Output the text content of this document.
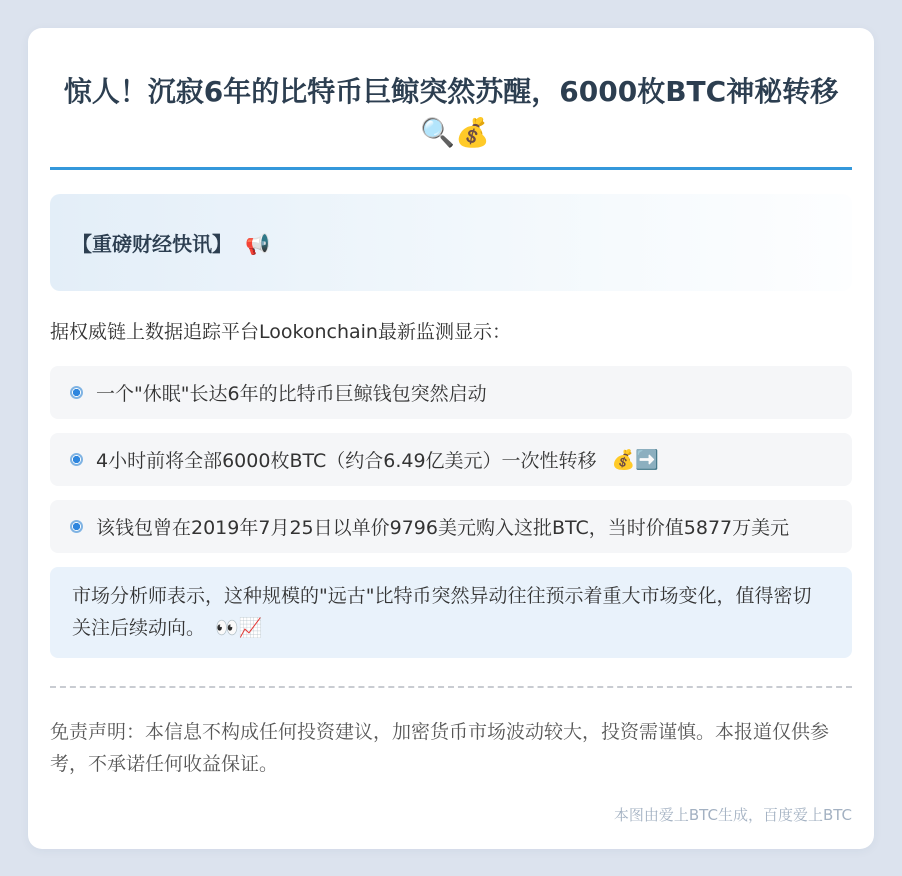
惊人！沉寂6年的比特币巨鲸突然苏醒，6000枚BTC神秘转移 🔍💰
【重磅财经快讯】 📢

据权威链上数据追踪平台Lookonchain最新监测显示：

一个"休眠"长达6年的比特币巨鲸钱包突然启动
4小时前将全部6000枚BTC（约合6.49亿美元）一次性转移 💰➡️
该钱包曾在2019年7月25日以单价9796美元购入这批BTC，当时价值5877万美元
市场分析师表示，这种规模的"远古"比特币突然异动往往预示着重大市场变化，值得密切关注后续动向。 👀📈

免责声明：本信息不构成任何投资建议，加密货币市场波动较大，投资需谨慎。本报道仅供参考，不承诺任何收益保证。

本图由爱上BTC生成，百度爱上BTC
